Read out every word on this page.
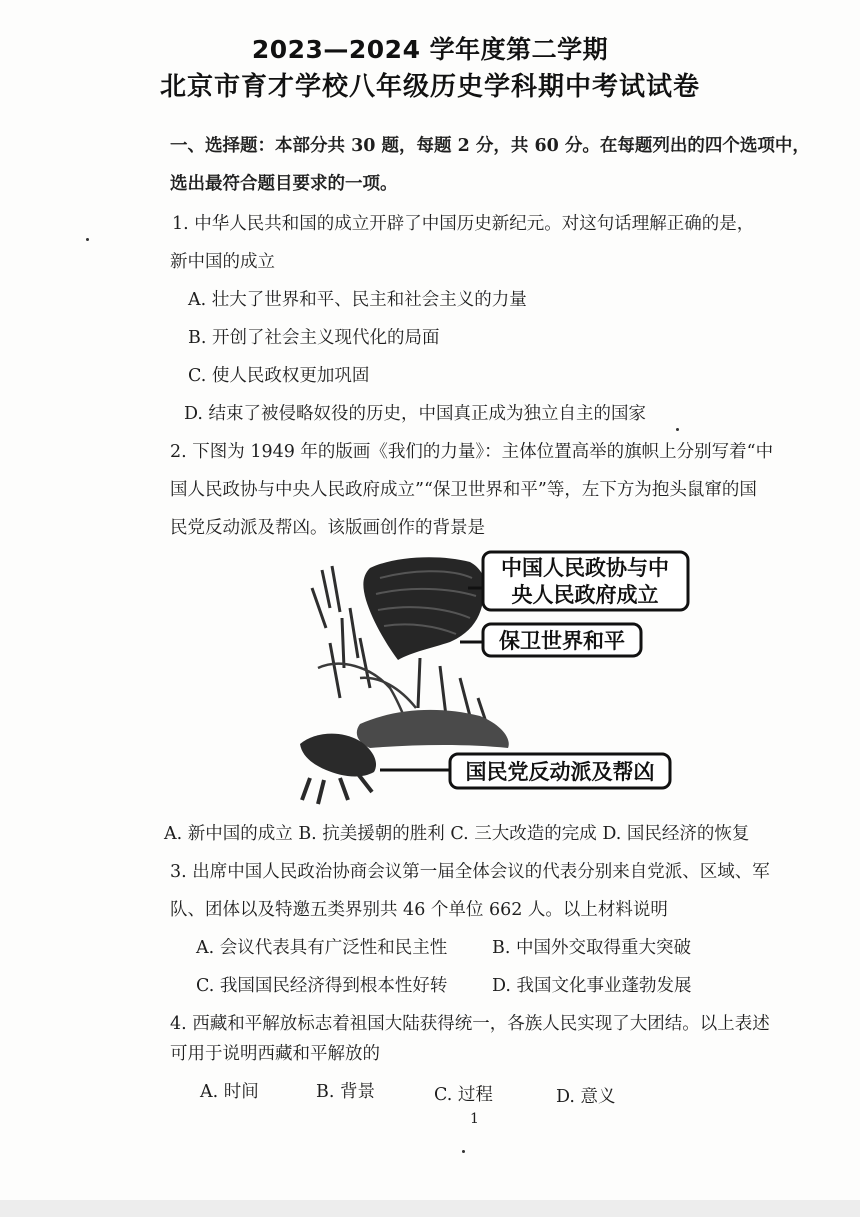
2023—2024 学年度第二学期
北京市育才学校八年级历史学科期中考试试卷
一、选择题：本部分共 30 题，每题 2 分，共 60 分。在每题列出的四个选项中，
选出最符合题目要求的一项。
1. 中华人民共和国的成立开辟了中国历史新纪元。对这句话理解正确的是，
新中国的成立
A. 壮大了世界和平、民主和社会主义的力量
B. 开创了社会主义现代化的局面
C. 使人民政权更加巩固
D. 结束了被侵略奴役的历史，中国真正成为独立自主的国家
2. 下图为 1949 年的版画《我们的力量》：主体位置高举的旗帜上分别写着“中
国人民政协与中央人民政府成立”“保卫世界和平”等，左下方为抱头鼠窜的国
民党反动派及帮凶。该版画创作的背景是
中国人民政协与中
央人民政府成立
保卫世界和平
国民党反动派及帮凶
A. 新中国的成立 B. 抗美援朝的胜利 C. 三大改造的完成 D. 国民经济的恢复
3. 出席中国人民政治协商会议第一届全体会议的代表分别来自党派、区域、军
队、团体以及特邀五类界别共 46 个单位 662 人。以上材料说明
A. 会议代表具有广泛性和民主性	B. 中国外交取得重大突破
C. 我国国民经济得到根本性好转	D. 我国文化事业蓬勃发展
4. 西藏和平解放标志着祖国大陆获得统一，各族人民实现了大团结。以上表述
可用于说明西藏和平解放的
A. 时间	B. 背景	C. 过程	D. 意义
1
